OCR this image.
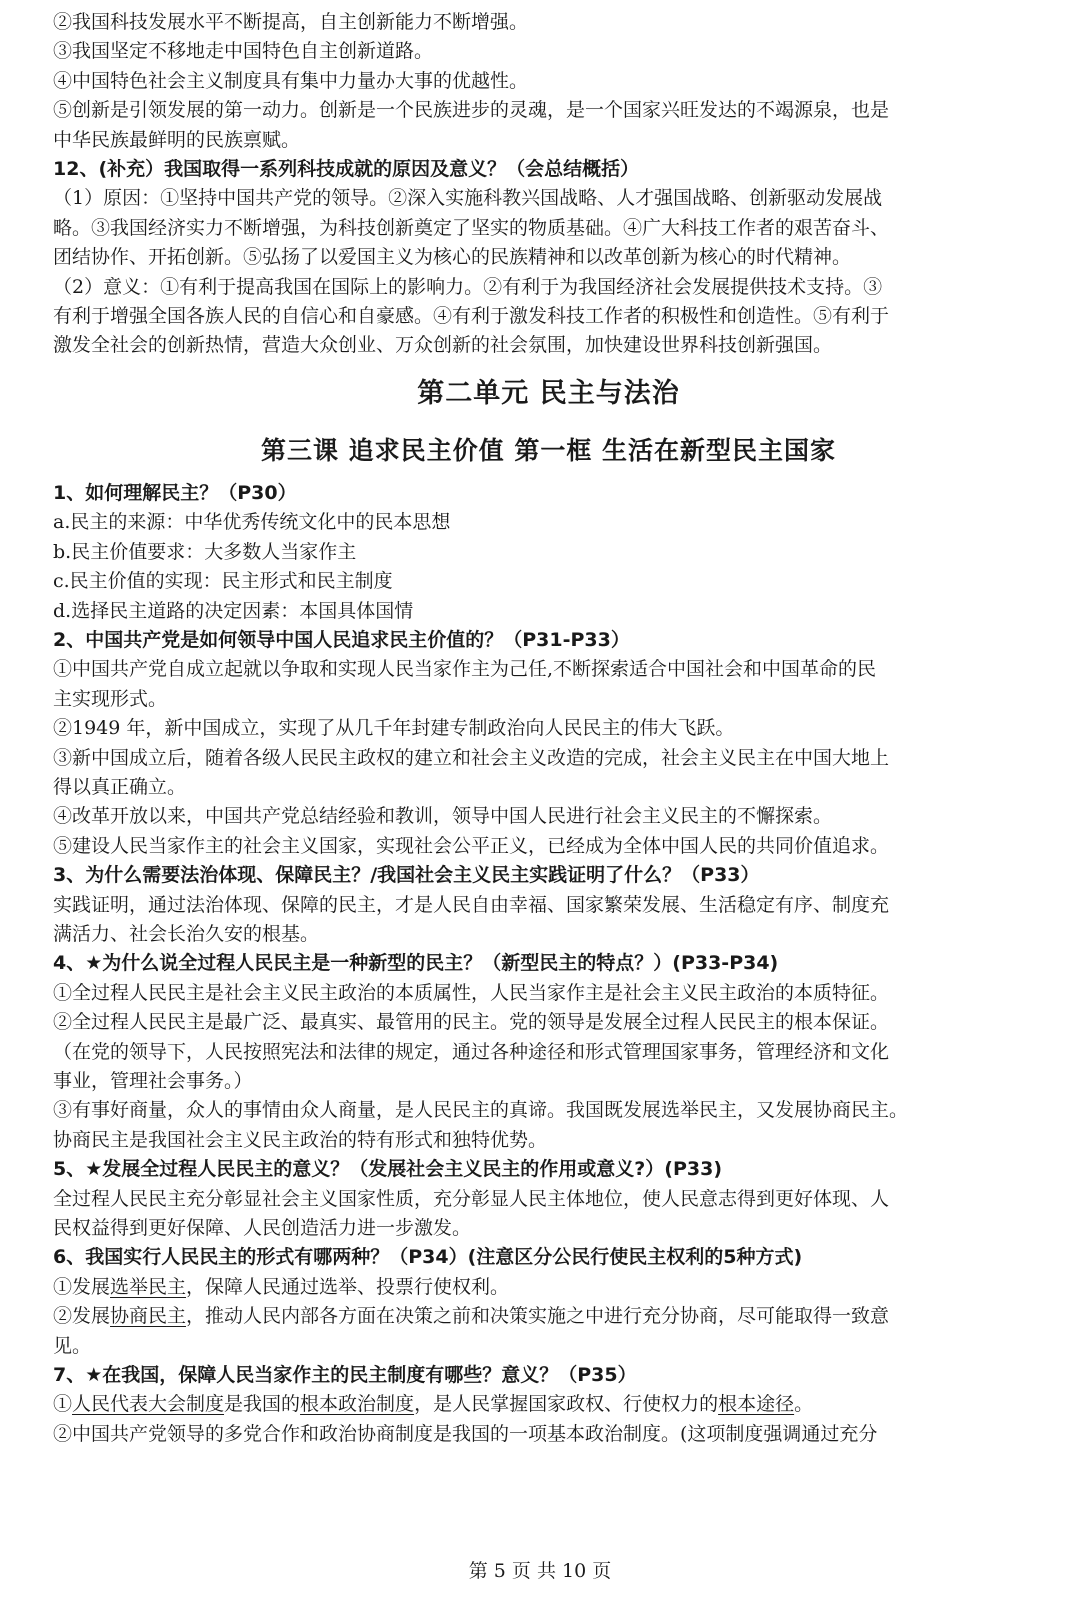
②我国科技发展水平不断提高，自主创新能力不断增强。
③我国坚定不移地走中国特色自主创新道路。
④中国特色社会主义制度具有集中力量办大事的优越性。
⑤创新是引领发展的第一动力。创新是一个民族进步的灵魂，是一个国家兴旺发达的不竭源泉，也是
中华民族最鲜明的民族禀赋。
12、(补充）我国取得一系列科技成就的原因及意义？（会总结概括）
（1）原因：①坚持中国共产党的领导。②深入实施科教兴国战略、人才强国战略、创新驱动发展战
略。③我国经济实力不断增强，为科技创新奠定了坚实的物质基础。④广大科技工作者的艰苦奋斗、
团结协作、开拓创新。⑤弘扬了以爱国主义为核心的民族精神和以改革创新为核心的时代精神。
（2）意义：①有利于提高我国在国际上的影响力。②有利于为我国经济社会发展提供技术支持。③
有利于增强全国各族人民的自信心和自豪感。④有利于激发科技工作者的积极性和创造性。⑤有利于
激发全社会的创新热情，营造大众创业、万众创新的社会氛围，加快建设世界科技创新强国。
第二单元 民主与法治
第三课 追求民主价值 第一框 生活在新型民主国家
1、如何理解民主？（P30）
a.民主的来源：中华优秀传统文化中的民本思想
b.民主价值要求：大多数人当家作主
c.民主价值的实现：民主形式和民主制度
d.选择民主道路的决定因素：本国具体国情
2、中国共产党是如何领导中国人民追求民主价值的？（P31-P33）
①中国共产党自成立起就以争取和实现人民当家作主为己任,不断探索适合中国社会和中国革命的民
主实现形式。
②1949 年，新中国成立，实现了从几千年封建专制政治向人民民主的伟大飞跃。
③新中国成立后，随着各级人民民主政权的建立和社会主义改造的完成，社会主义民主在中国大地上
得以真正确立。
④改革开放以来，中国共产党总结经验和教训，领导中国人民进行社会主义民主的不懈探索。
⑤建设人民当家作主的社会主义国家，实现社会公平正义，已经成为全体中国人民的共同价值追求。
3、为什么需要法治体现、保障民主？/我国社会主义民主实践证明了什么？（P33）
实践证明，通过法治体现、保障的民主，才是人民自由幸福、国家繁荣发展、生活稳定有序、制度充
满活力、社会长治久安的根基。
4、★为什么说全过程人民民主是一种新型的民主？（新型民主的特点？）(P33-P34)
①全过程人民民主是社会主义民主政治的本质属性，人民当家作主是社会主义民主政治的本质特征。
②全过程人民民主是最广泛、最真实、最管用的民主。党的领导是发展全过程人民民主的根本保证。
（在党的领导下，人民按照宪法和法律的规定，通过各种途径和形式管理国家事务，管理经济和文化
事业，管理社会事务。）
③有事好商量，众人的事情由众人商量，是人民民主的真谛。我国既发展选举民主，又发展协商民主。
协商民主是我国社会主义民主政治的特有形式和独特优势。
5、★发展全过程人民民主的意义？（发展社会主义民主的作用或意义?）(P33)
全过程人民民主充分彰显社会主义国家性质，充分彰显人民主体地位，使人民意志得到更好体现、人
民权益得到更好保障、人民创造活力进一步激发。
6、我国实行人民民主的形式有哪两种？（P34）(注意区分公民行使民主权利的5种方式)
①发展选举民主，保障人民通过选举、投票行使权利。
②发展协商民主，推动人民内部各方面在决策之前和决策实施之中进行充分协商，尽可能取得一致意
见。
7、★在我国，保障人民当家作主的民主制度有哪些？意义？（P35）
①人民代表大会制度是我国的根本政治制度，是人民掌握国家政权、行使权力的根本途径。
②中国共产党领导的多党合作和政治协商制度是我国的一项基本政治制度。(这项制度强调通过充分
第 5 页 共 10 页
